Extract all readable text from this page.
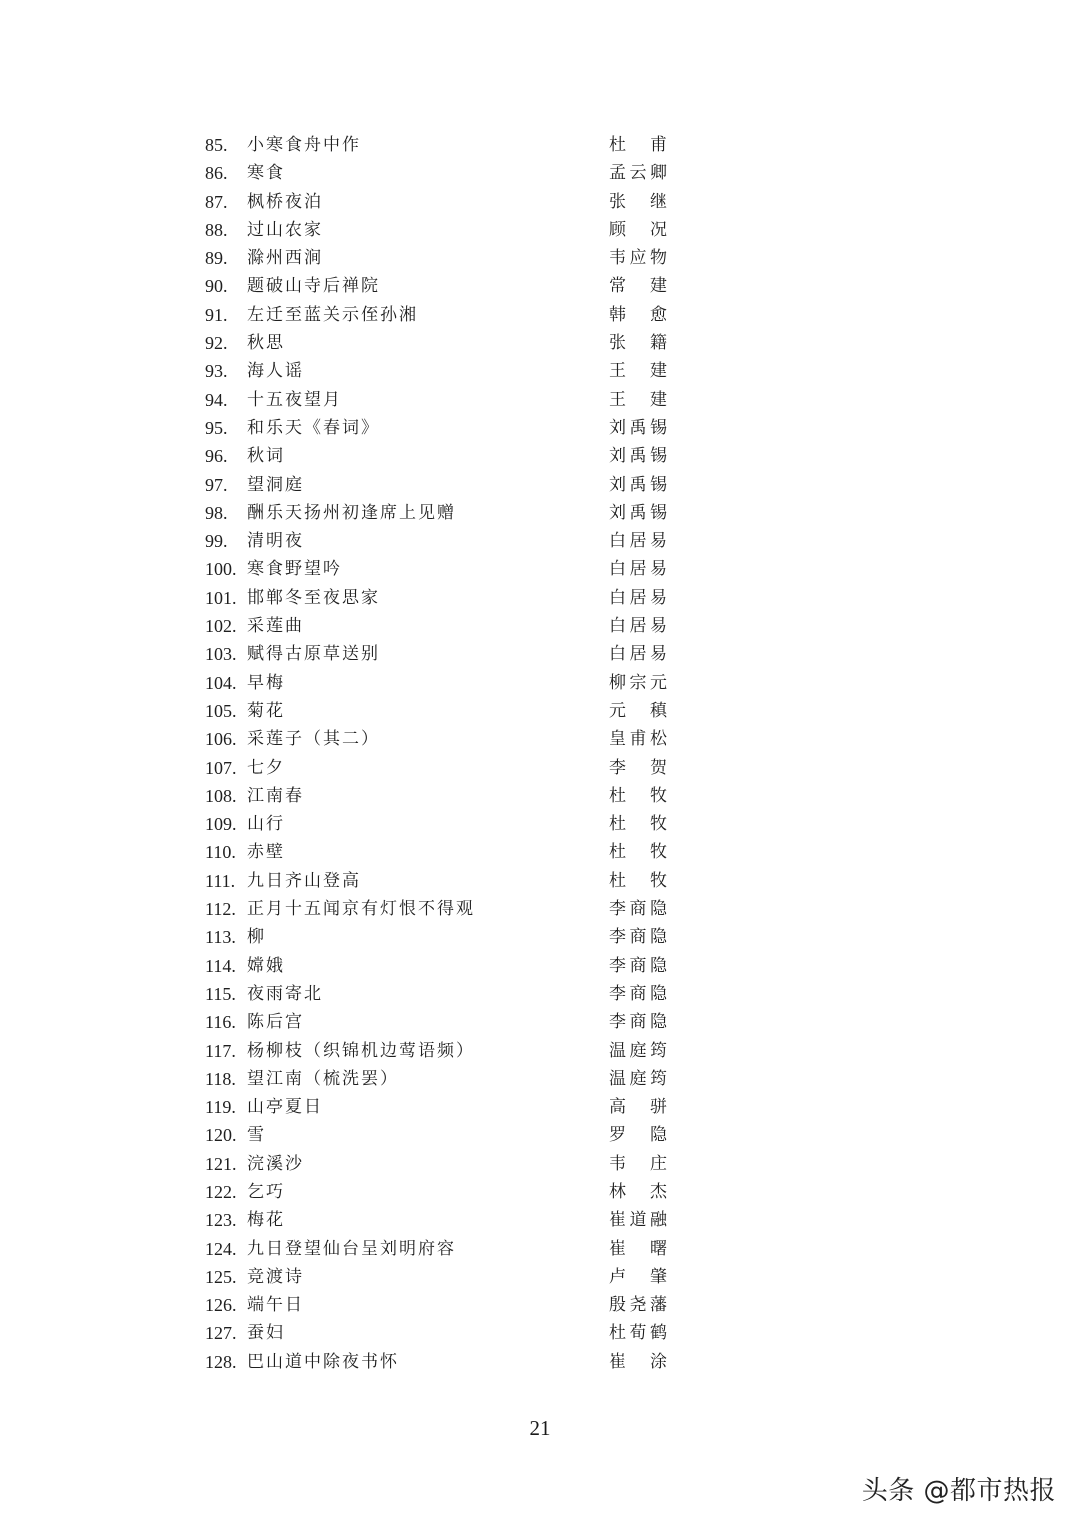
85. 小寒食舟中作	杜 甫
86. 寒食	孟 云 卿
87. 枫桥夜泊	张 继
88. 过山农家	顾 况
89. 滁州西涧	韦 应 物
90. 题破山寺后禅院	常 建
91. 左迁至蓝关示侄孙湘	韩 愈
92. 秋思	张 籍
93. 海人谣	王 建
94. 十五夜望月	王 建
95. 和乐天《春词》	刘 禹 锡
96. 秋词	刘 禹 锡
97. 望洞庭	刘 禹 锡
98. 酬乐天扬州初逢席上见赠	刘 禹 锡
99. 清明夜	白 居 易
100. 寒食野望吟	白 居 易
101. 邯郸冬至夜思家	白 居 易
102. 采莲曲	白 居 易
103. 赋得古原草送别	白 居 易
104. 早梅	柳 宗 元
105. 菊花	元 稹
106. 采莲子（其二）	皇 甫 松
107. 七夕	李 贺
108. 江南春	杜 牧
109. 山行	杜 牧
110. 赤壁	杜 牧
111. 九日齐山登高	杜 牧
112. 正月十五闻京有灯恨不得观	李 商 隐
113. 柳	李 商 隐
114. 嫦娥	李 商 隐
115. 夜雨寄北	李 商 隐
116. 陈后宫	李 商 隐
117. 杨柳枝（织锦机边莺语频）	温 庭 筠
118. 望江南（梳洗罢）	温 庭 筠
119. 山亭夏日	高 骈
120. 雪	罗 隐
121. 浣溪沙	韦 庄
122. 乞巧	林 杰
123. 梅花	崔 道 融
124. 九日登望仙台呈刘明府容	崔 曙
125. 竞渡诗	卢 肇
126. 端午日	殷 尧 藩
127. 蚕妇	杜 荀 鹤
128. 巴山道中除夜书怀	崔 涂
21
头条 @都市热报
